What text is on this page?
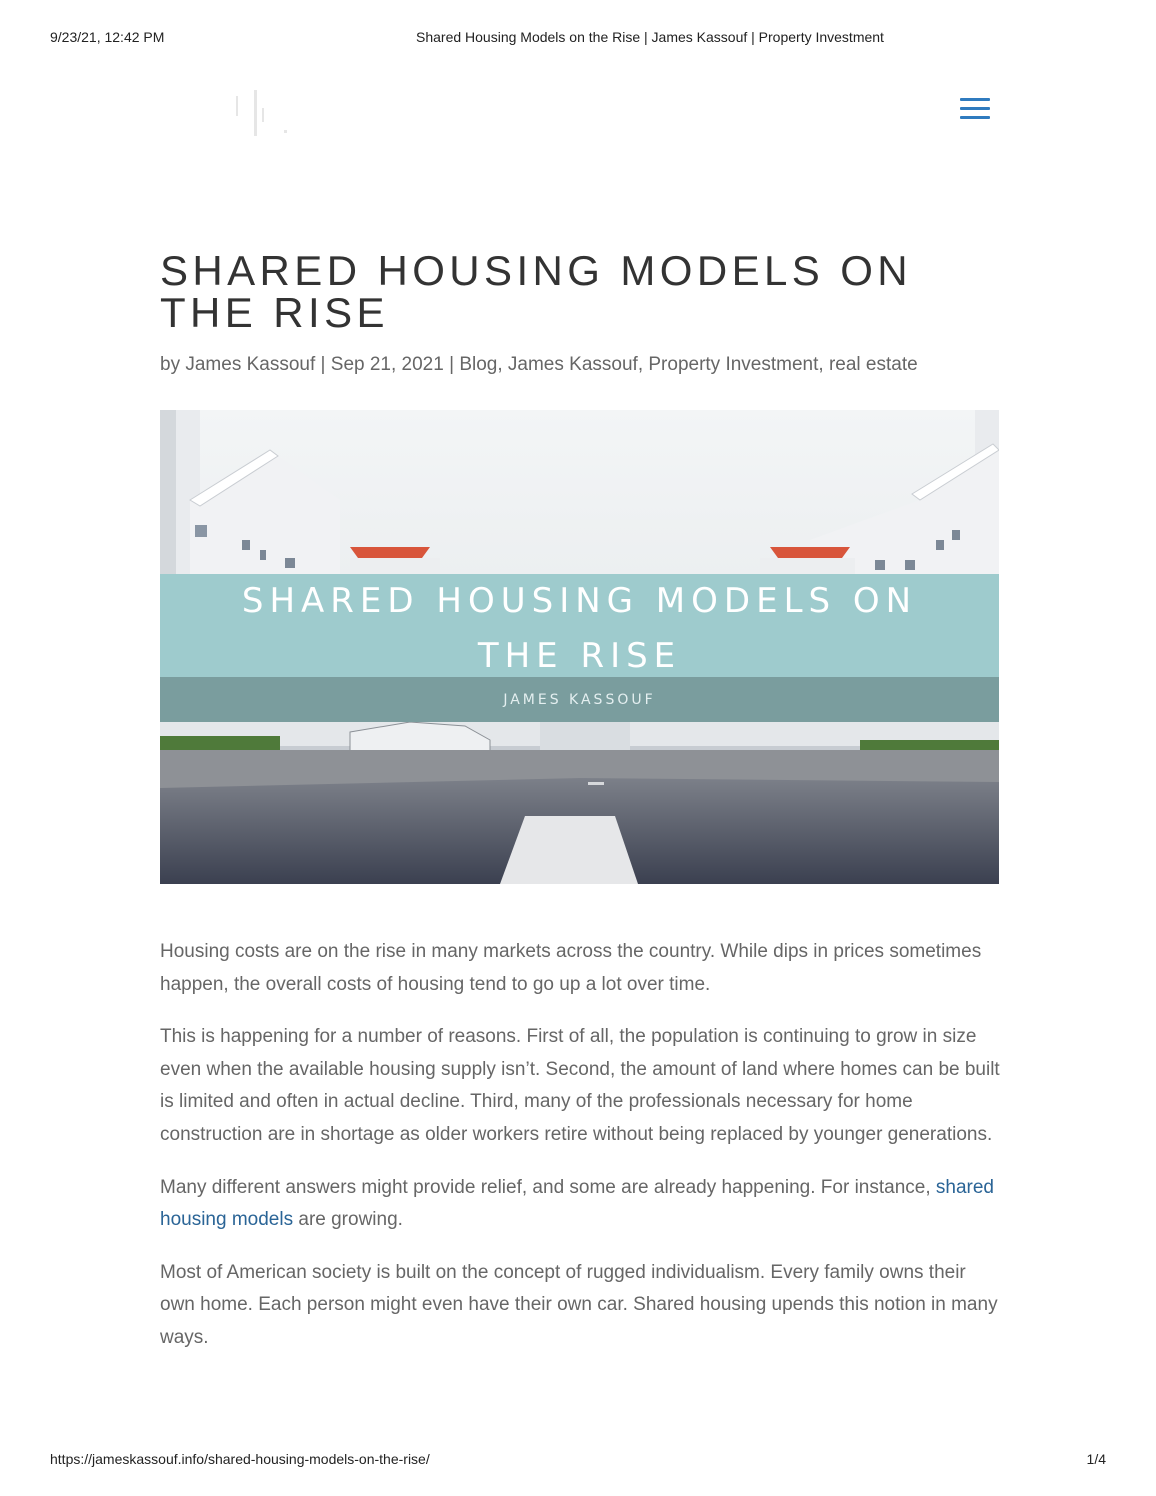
9/23/21, 12:42 PM	Shared Housing Models on the Rise | James Kassouf | Property Investment
SHARED HOUSING MODELS ON THE RISE
by James Kassouf | Sep 21, 2021 | Blog, James Kassouf, Property Investment, real estate
SHARED HOUSING MODELS ON
THE RISE
JAMES KASSOUF

Housing costs are on the rise in many markets across the country. While dips in prices sometimes happen, the overall costs of housing tend to go up a lot over time.

This is happening for a number of reasons. First of all, the population is continuing to grow in size even when the available housing supply isn’t. Second, the amount of land where homes can be built is limited and often in actual decline. Third, many of the professionals necessary for home construction are in shortage as older workers retire without being replaced by younger generations.

Many different answers might provide relief, and some are already happening. For instance, shared housing models are growing.

Most of American society is built on the concept of rugged individualism. Every family owns their own home. Each person might even have their own car. Shared housing upends this notion in many ways.

https://jameskassouf.info/shared-housing-models-on-the-rise/	1/4
